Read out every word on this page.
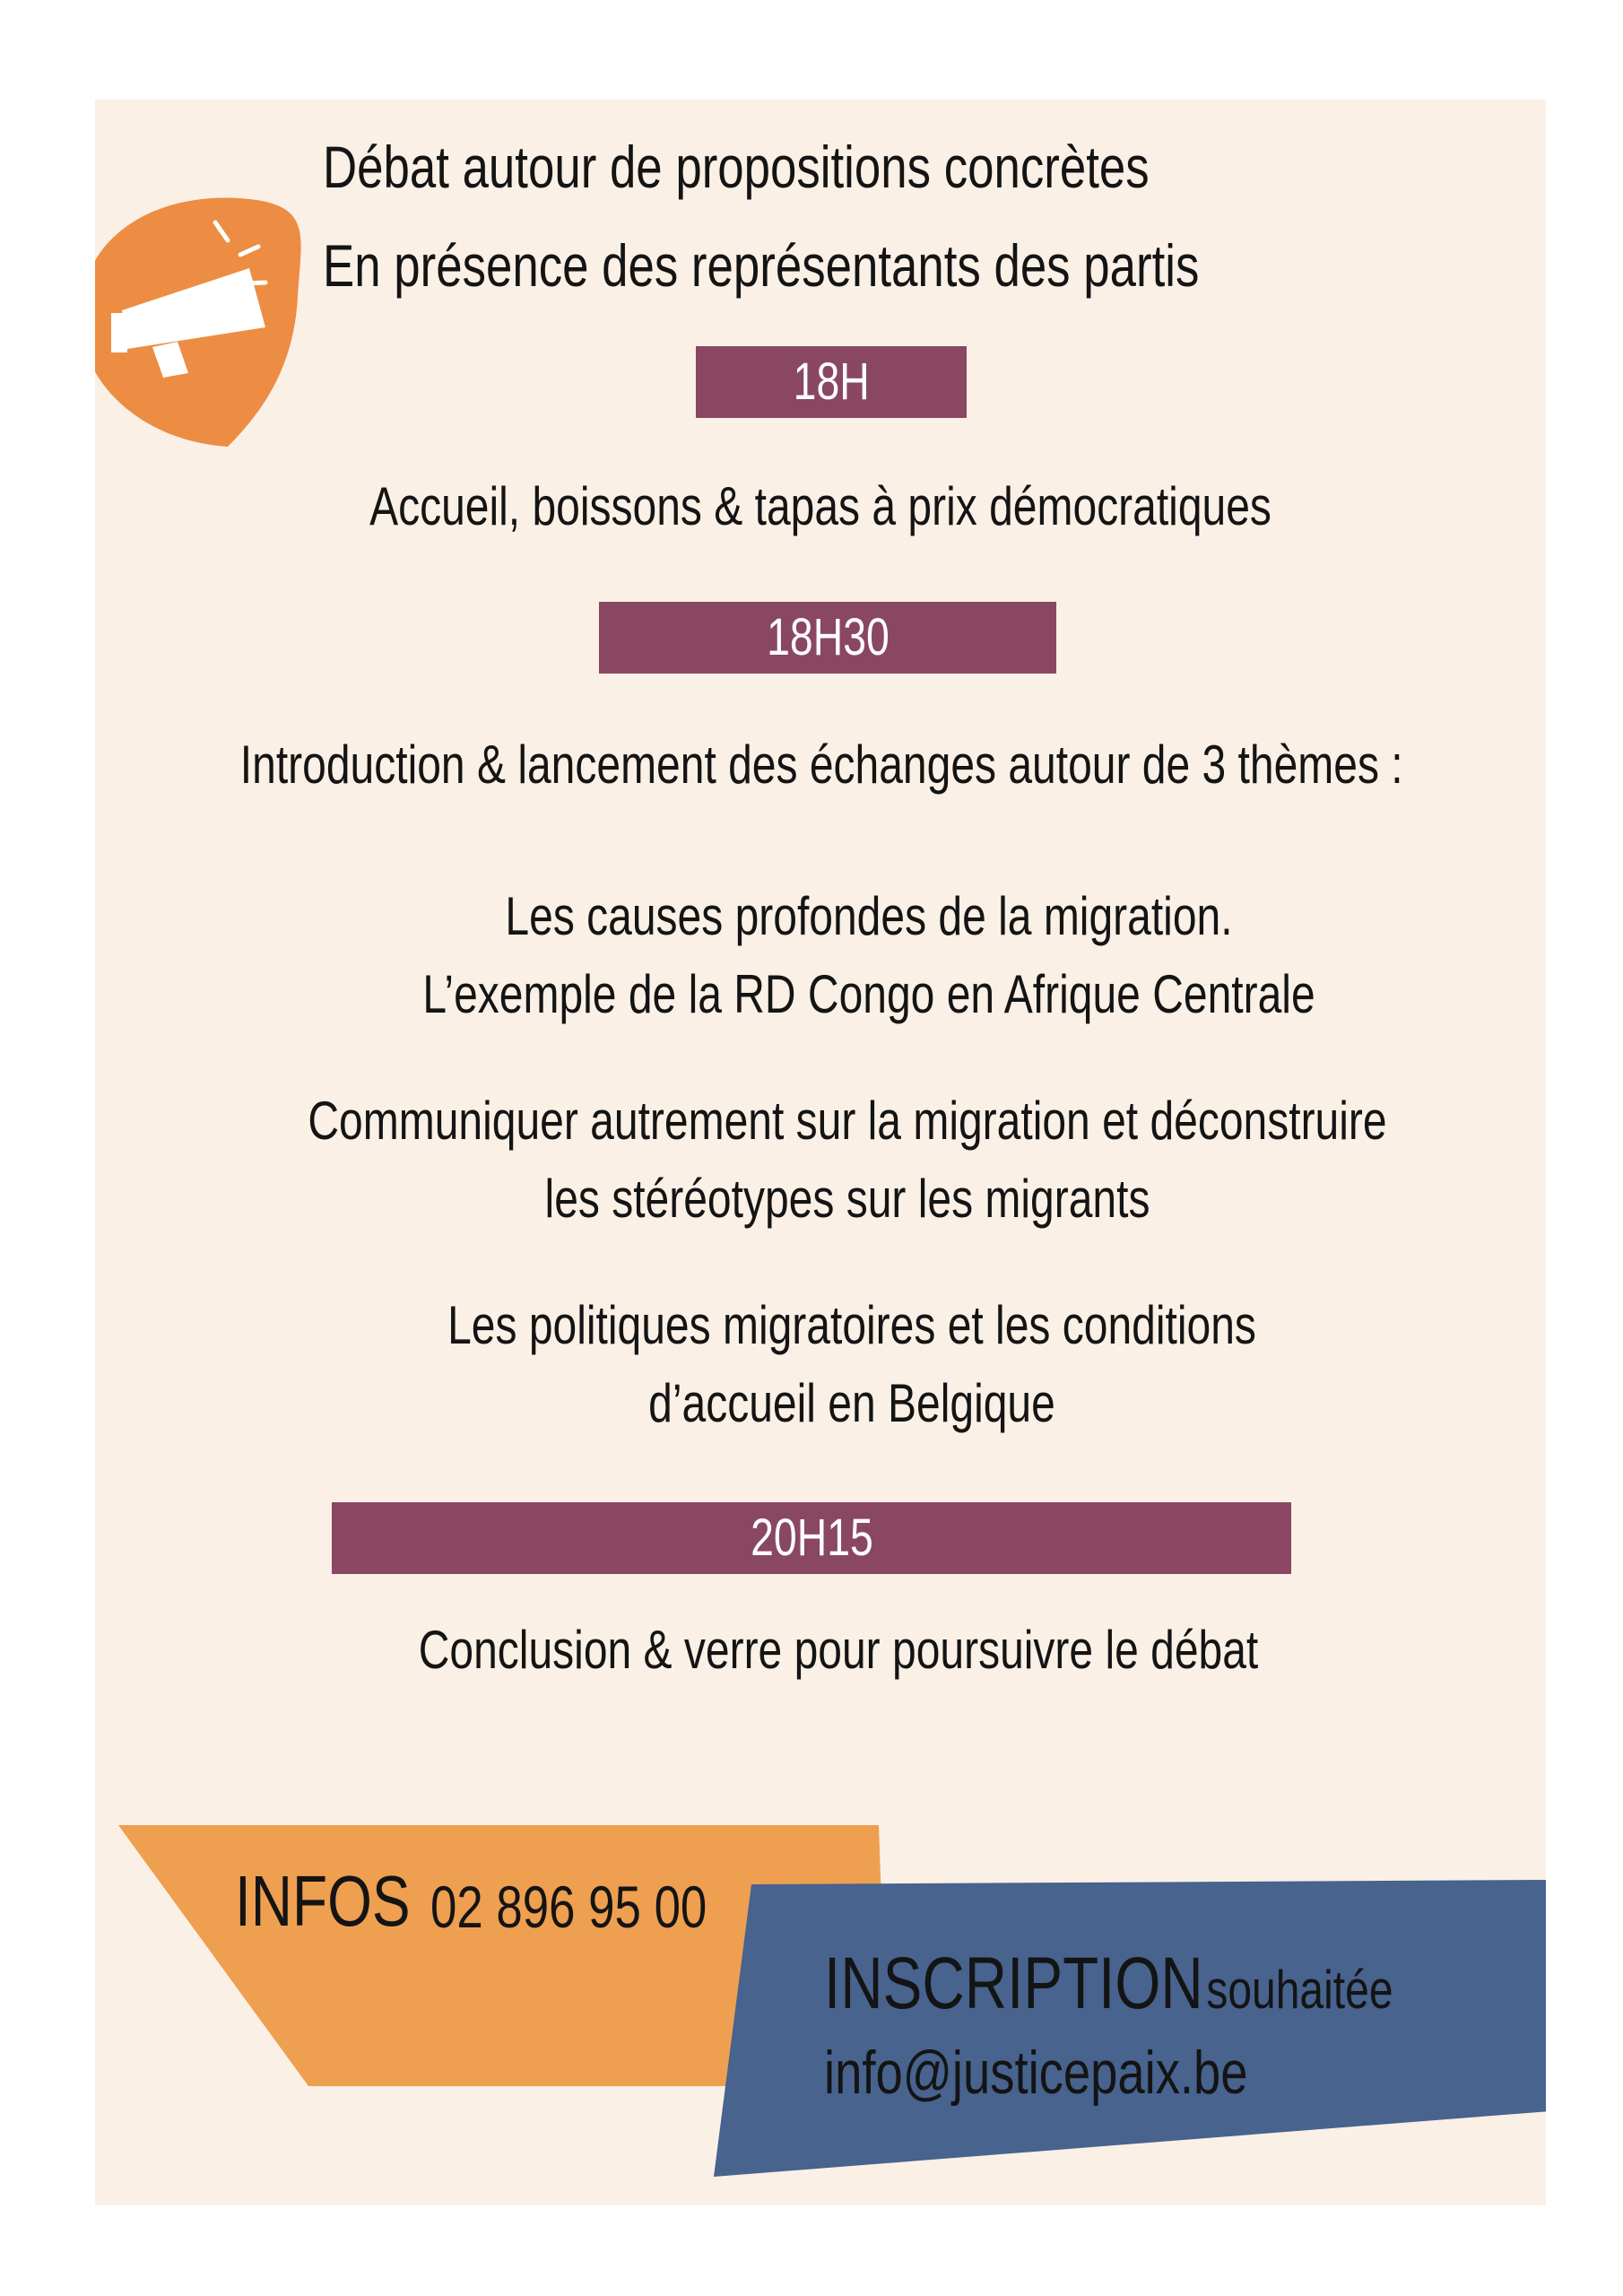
Débat autour de propositions concrètes
En présence des représentants des partis
18H
Accueil, boissons & tapas à prix démocratiques
18H30
Introduction & lancement des échanges autour de 3 thèmes :
Les causes profondes de la migration.
L’exemple de la RD Congo en Afrique Centrale
Communiquer autrement sur la migration et déconstruire
les stéréotypes sur les migrants
Les politiques migratoires et les conditions
d’accueil en Belgique
20H15
Conclusion & verre pour poursuivre le débat
INFOS 02 896 95 00
INSCRIPTION souhaitée
info@justicepaix.be
